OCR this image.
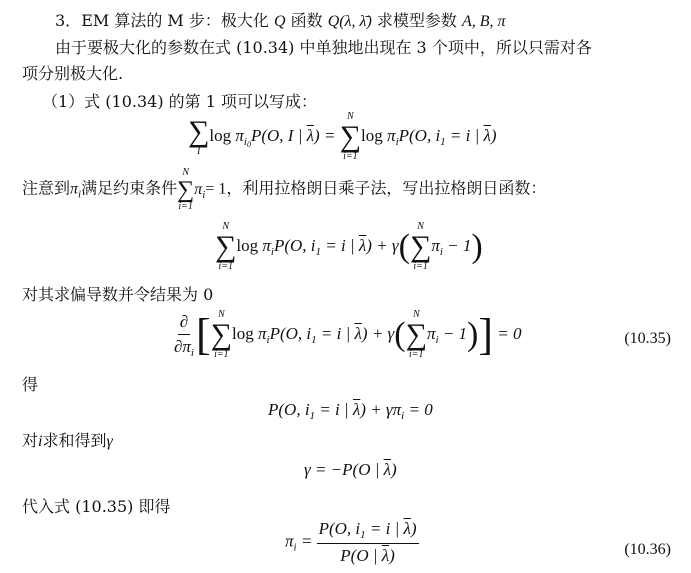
3．EM 算法的 M 步：极大化 Q 函数 Q(λ, λ̄) 求模型参数 A, B, π
由于要极大化的参数在式 (10.34) 中单独地出现在 3 个项中，所以只需对各
项分别极大化.
（1）式 (10.34) 的第 1 项可以写成：
∑
I
$\log \pi_{i0}P(O$, I | $\overline{\lambda}$) =
N
∑
i=1
$\log \pi_iP(O$, $i_1 = i$ | $\overline{\lambda}$)
注意到$\pi_i$满足约束条件
N
∑
i=1
$\pi_i= 1$，利用拉格朗日乘子法，写出拉格朗日函数：
N
∑
i=1
$\log \pi_iP(O$, $i_1 = i$ | $\overline{\lambda}) + \gamma$(
N
∑
i=1
$\pi_i - 1$)
对其求偏导数并令结果为 0
$\frac{\partial}{\partial\pi_i}$ [ N
∑
i=1
$\log \pi_iP(O$, $i_1 = i$ | $\overline{\lambda}) + \gamma$(
N
∑
i=1
$\pi_i - 1)] = 0$	(10.35)
得
P(O, $i_1 = i$ | $\overline{\lambda}) + \gamma\pi_i = 0$
对i求和得到γ
γ = −P(O | $\overline{\lambda}$)
代入式 (10.35) 即得
$\pi_i = \frac{P(O, i_1 = i | \overline{\lambda})}{P(O | \overline{\lambda})}$	(10.36)
